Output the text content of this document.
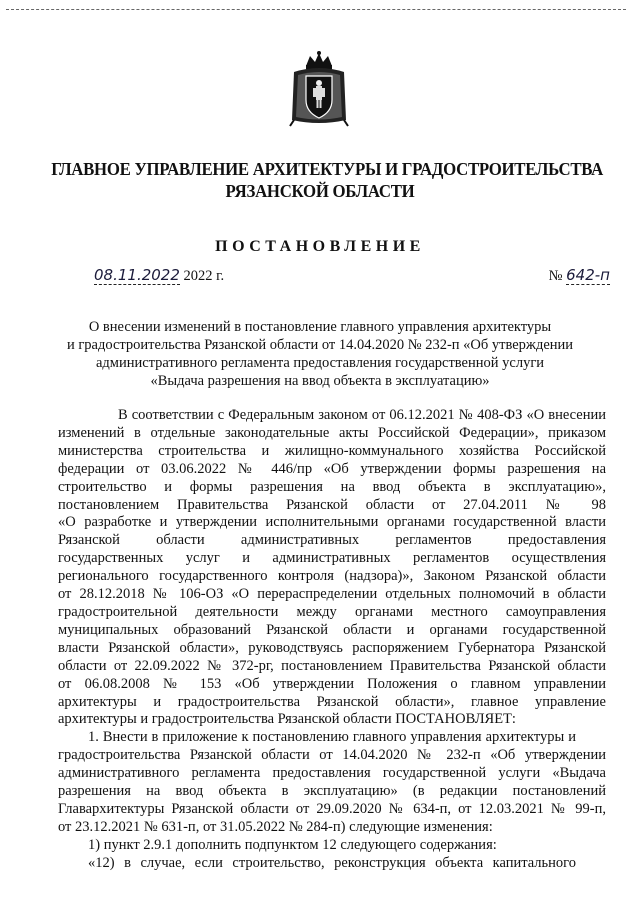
ГЛАВНОЕ УПРАВЛЕНИЕ АРХИТЕКТУРЫ И ГРАДОСТРОИТЕЛЬСТВА
РЯЗАНСКОЙ ОБЛАСТИ
ПОСТАНОВЛЕНИЕ
08.11.2022 2022 г.	№ 642-п
О внесении изменений в постановление главного управления архитектуры
и градостроительства Рязанской области от 14.04.2020 № 232-п «Об утверждении
административного регламента предоставления государственной услуги
«Выдача разрешения на ввод объекта в эксплуатацию»
В соответствии с Федеральным законом от 06.12.2021 № 408-ФЗ «О внесении
изменений в отдельные законодательные акты Российской Федерации», приказом
министерства строительства и жилищно-коммунального хозяйства Российской
федерации от 03.06.2022 № 446/пр «Об утверждении формы разрешения на
строительство и формы разрешения на ввод объекта в эксплуатацию»,
постановлением Правительства Рязанской области от 27.04.2011 № 98
«О разработке и утверждении исполнительными органами государственной власти
Рязанской области административных регламентов предоставления
государственных услуг и административных регламентов осуществления
регионального государственного контроля (надзора)», Законом Рязанской области
от 28.12.2018 № 106-ОЗ «О перераспределении отдельных полномочий в области
градостроительной деятельности между органами местного самоуправления
муниципальных образований Рязанской области и органами государственной
власти Рязанской области», руководствуясь распоряжением Губернатора Рязанской
области от 22.09.2022 № 372-рг, постановлением Правительства Рязанской области
от 06.08.2008 № 153 «Об утверждении Положения о главном управлении
архитектуры и градостроительства Рязанской области», главное управление
архитектуры и градостроительства Рязанской области ПОСТАНОВЛЯЕТ:
1. Внести в приложение к постановлению главного управления архитектуры и
градостроительства Рязанской области от 14.04.2020 № 232-п «Об утверждении
административного регламента предоставления государственной услуги «Выдача
разрешения на ввод объекта в эксплуатацию» (в редакции постановлений
Главархитектуры Рязанской области от 29.09.2020 № 634-п, от 12.03.2021 № 99-п,
от 23.12.2021 № 631-п, от 31.05.2022 № 284-п) следующие изменения:
1) пункт 2.9.1 дополнить подпунктом 12 следующего содержания:
«12) в случае, если строительство, реконструкция объекта капитального
